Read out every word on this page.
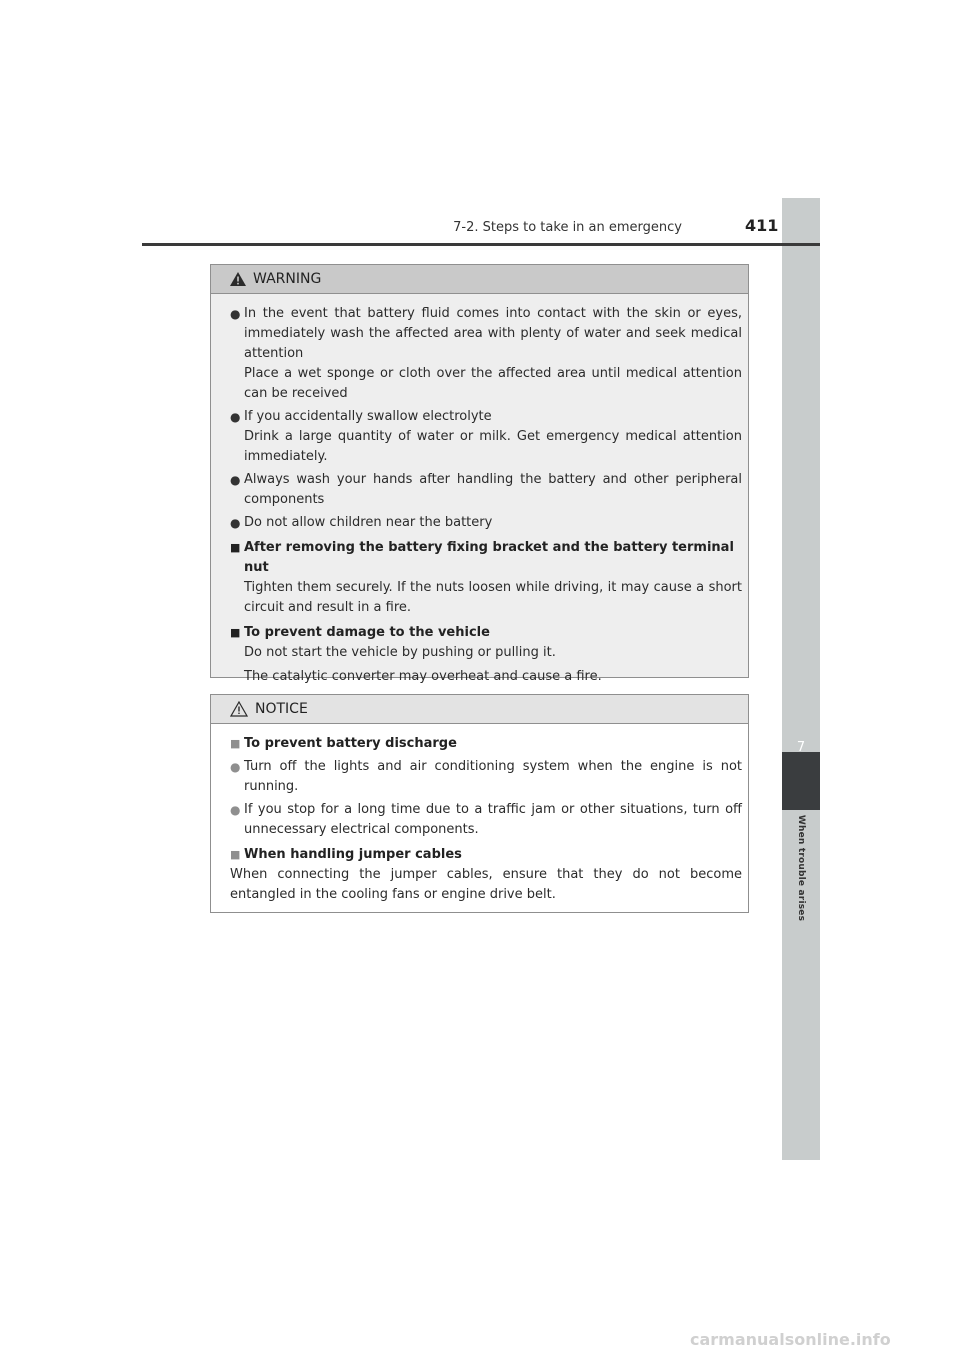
7
When trouble arises
7-2. Steps to take in an emergency	411
WARNING
● In the event that battery fluid comes into contact with the skin or eyes, immediately wash the affected area with plenty of water and seek medical attention

Place a wet sponge or cloth over the affected area until medical attention can be received

● If you accidentally swallow electrolyte

Drink a large quantity of water or milk. Get emergency medical attention immediately.

● Always wash your hands after handling the battery and other peripheral components

● Do not allow children near the battery

■ After removing the battery fixing bracket and the battery terminal nut

Tighten them securely. If the nuts loosen while driving, it may cause a short circuit and result in a fire.

■ To prevent damage to the vehicle

Do not start the vehicle by pushing or pulling it.

The catalytic converter may overheat and cause a fire.

NOTICE
■ To prevent battery discharge
● Turn off the lights and air conditioning system when the engine is not running.

● If you stop for a long time due to a traffic jam or other situations, turn off unnecessary electrical components.

■ When handling jumper cables

When connecting the jumper cables, ensure that they do not become entangled in the cooling fans or engine drive belt.

carmanualsonline.info
